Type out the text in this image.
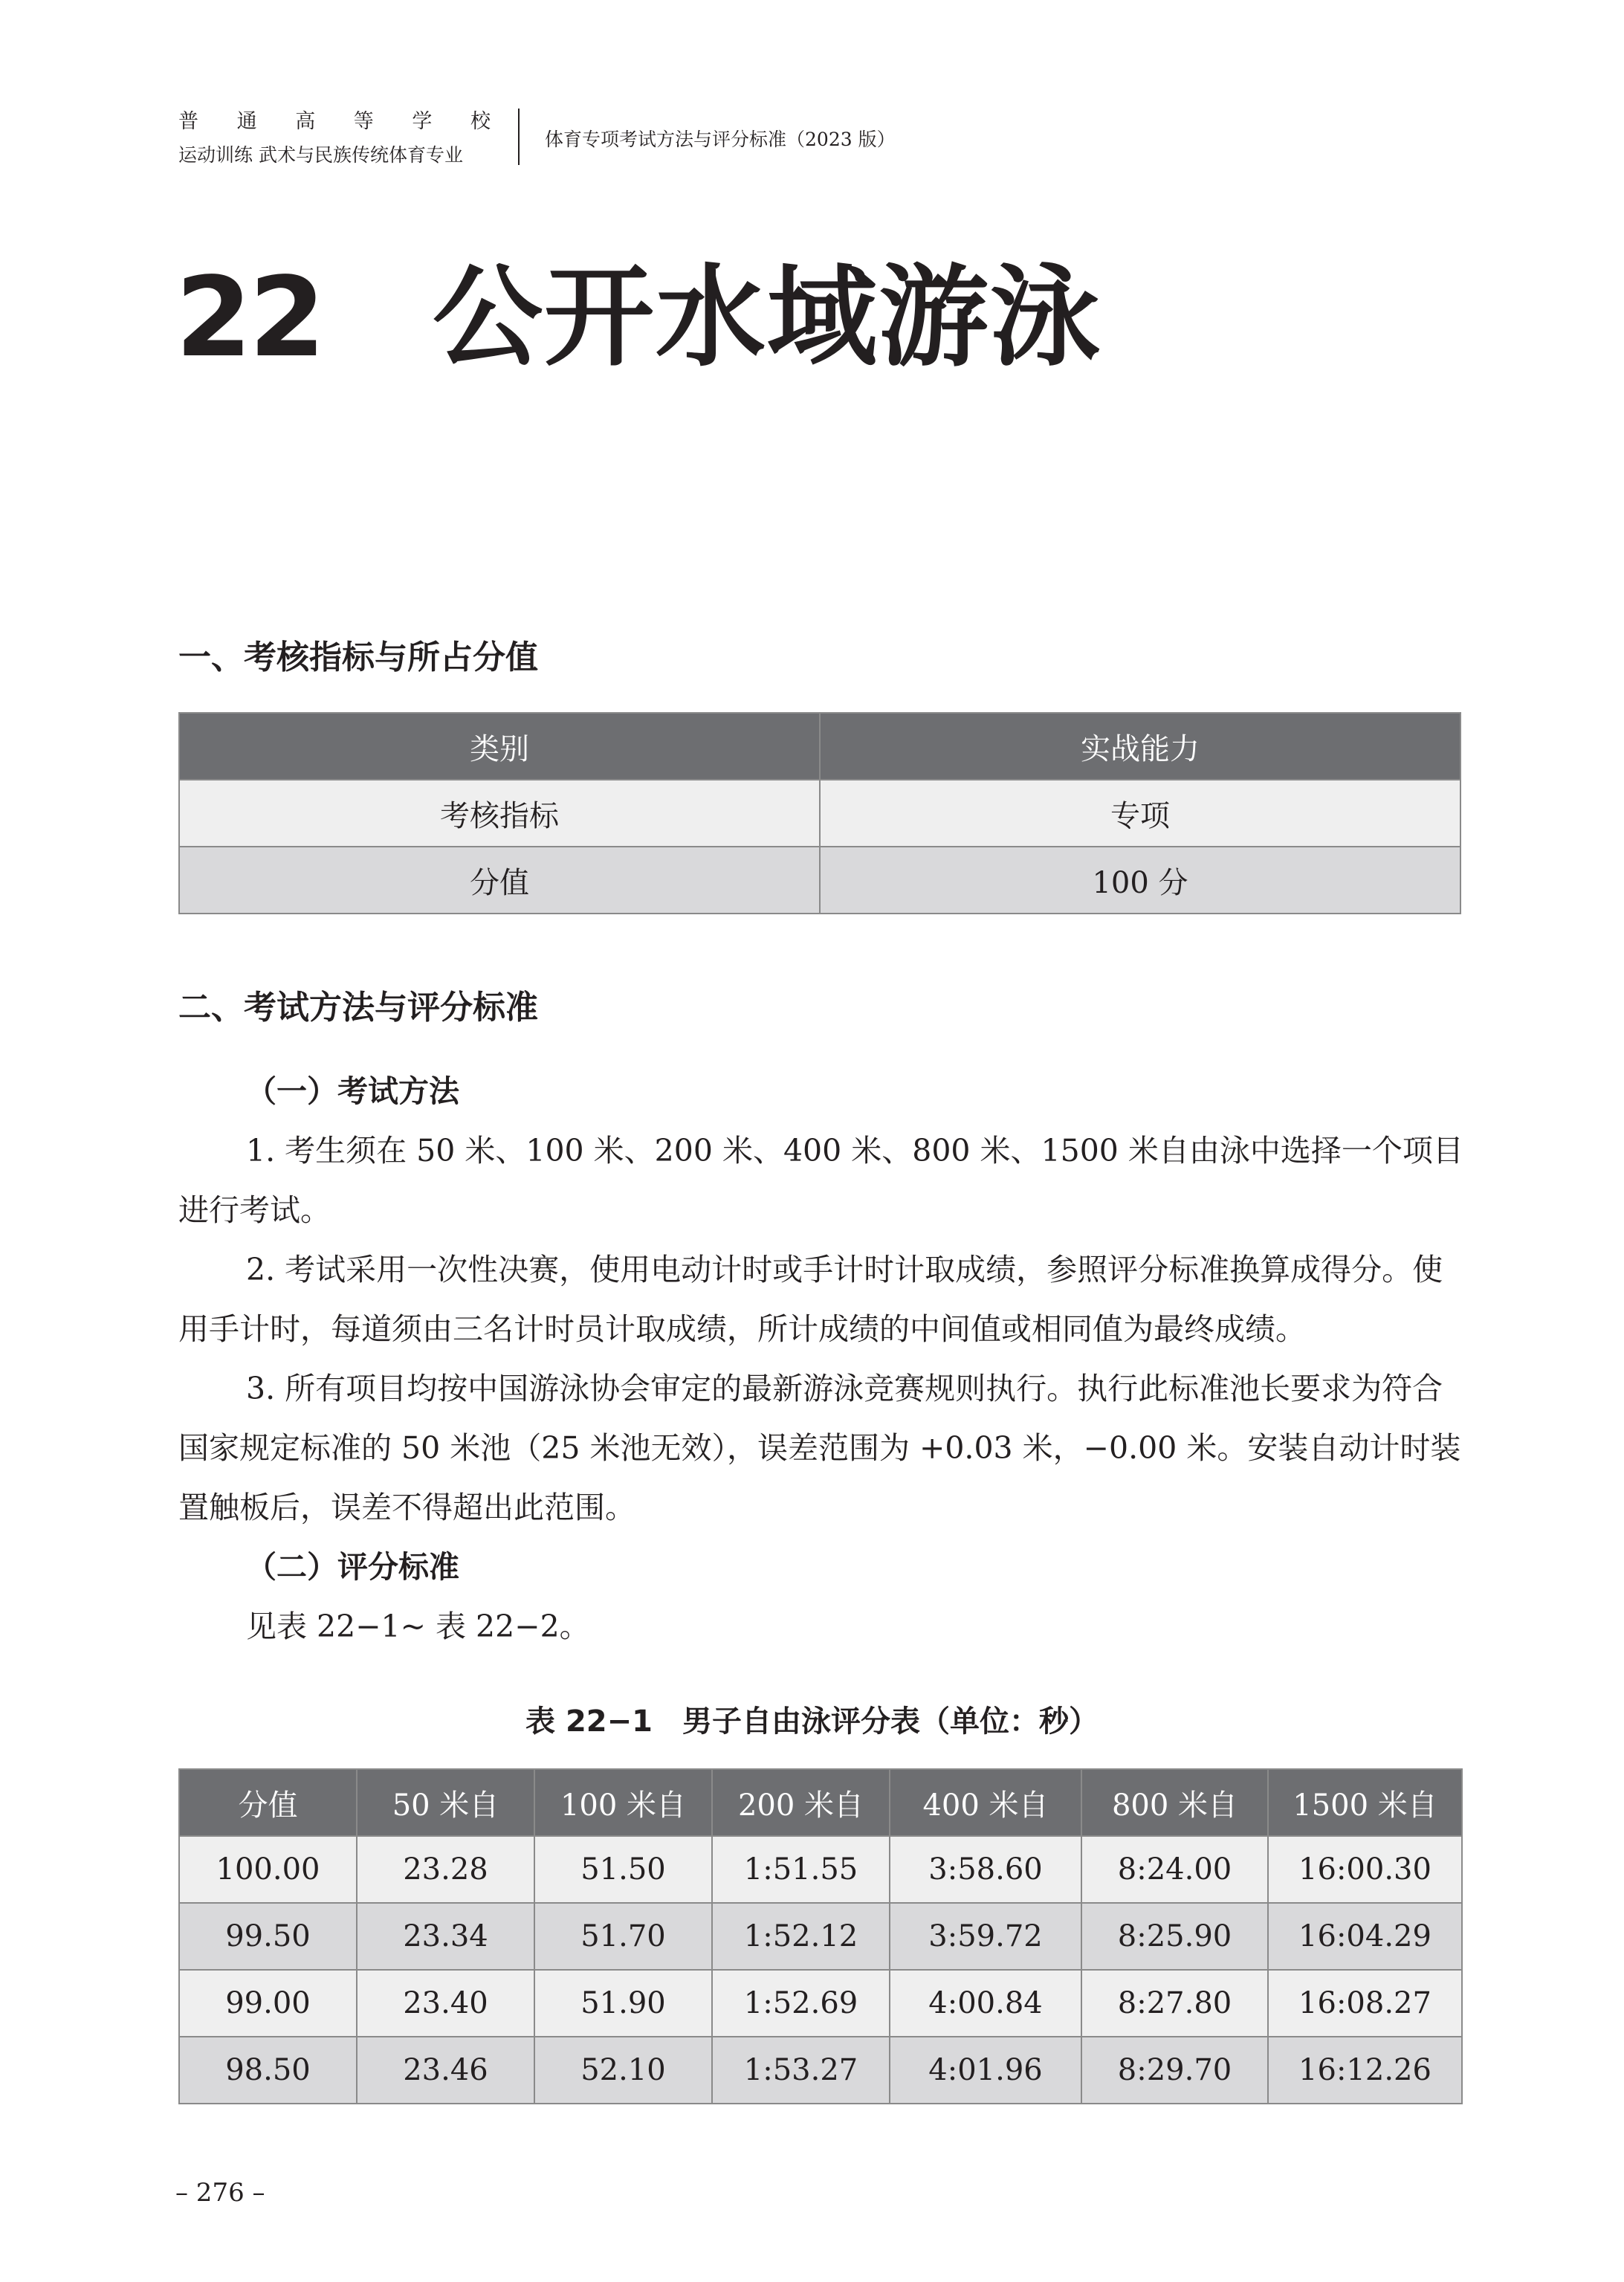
普 通 高 等 学 校
运动训练 武术与民族传统体育专业
体育专项考试方法与评分标准（2023 版）
22 公开水域游泳
一、考核指标与所占分值
类别	实战能力
考核指标	专项
分值	100 分
二、考试方法与评分标准

（一）考试方法

1. 考生须在 50 米、100 米、200 米、400 米、800 米、1500 米自由泳中选择一个项目进行考试。

2. 考试采用一次性决赛，使用电动计时或手计时计取成绩，参照评分标准换算成得分。使用手计时，每道须由三名计时员计取成绩，所计成绩的中间值或相同值为最终成绩。

3. 所有项目均按中国游泳协会审定的最新游泳竞赛规则执行。执行此标准池长要求为符合国家规定标准的 50 米池（25 米池无效），误差范围为 +0.03 米，−0.00 米。安装自动计时装置触板后，误差不得超出此范围。

（二）评分标准

见表 22−1~ 表 22−2。

表 22−1　男子自由泳评分表（单位：秒）
分值	50 米自	100 米自	200 米自	400 米自	800 米自	1500 米自
100.00	23.28	51.50	1:51.55	3:58.60	8:24.00	16:00.30
99.50	23.34	51.70	1:52.12	3:59.72	8:25.90	16:04.29
99.00	23.40	51.90	1:52.69	4:00.84	8:27.80	16:08.27
98.50	23.46	52.10	1:53.27	4:01.96	8:29.70	16:12.26
– 276 –
